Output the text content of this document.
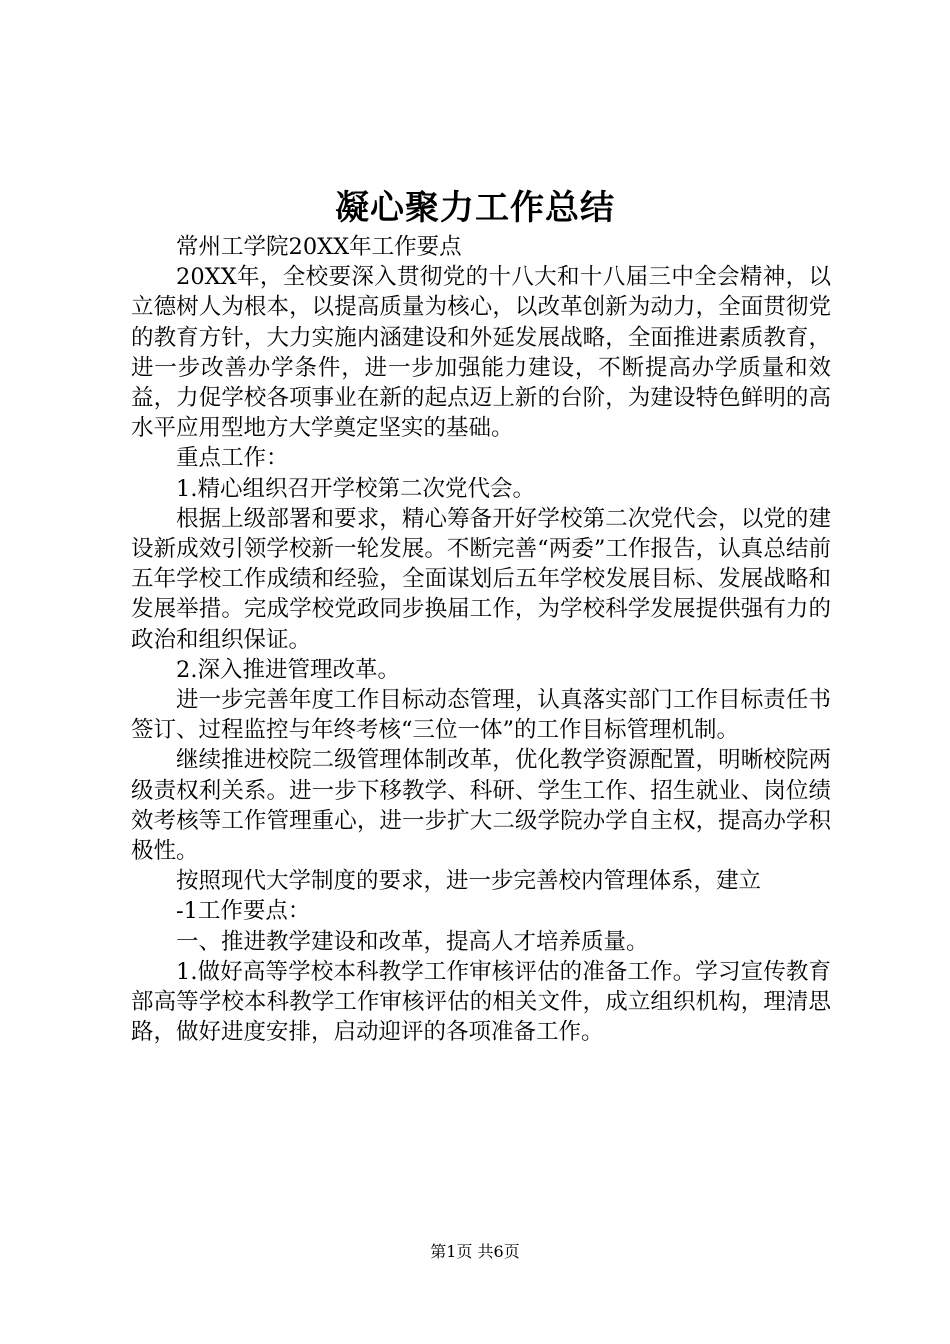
凝心聚力工作总结

常州工学院20XX年工作要点

20XX年，全校要深入贯彻党的十八大和十八届三中全会精神，以立德树人为根本，以提高质量为核心，以改革创新为动力，全面贯彻党的教育方针，大力实施内涵建设和外延发展战略，全面推进素质教育，进一步改善办学条件，进一步加强能力建设，不断提高办学质量和效益，力促学校各项事业在新的起点迈上新的台阶，为建设特色鲜明的高水平应用型地方大学奠定坚实的基础。

重点工作：

1.精心组织召开学校第二次党代会。

根据上级部署和要求，精心筹备开好学校第二次党代会，以党的建设新成效引领学校新一轮发展。不断完善“两委”工作报告，认真总结前五年学校工作成绩和经验，全面谋划后五年学校发展目标、发展战略和发展举措。完成学校党政同步换届工作，为学校科学发展提供强有力的政治和组织保证。

2.深入推进管理改革。

进一步完善年度工作目标动态管理，认真落实部门工作目标责任书签订、过程监控与年终考核“三位一体”的工作目标管理机制。

继续推进校院二级管理体制改革，优化教学资源配置，明晰校院两级责权利关系。进一步下移教学、科研、学生工作、招生就业、岗位绩效考核等工作管理重心，进一步扩大二级学院办学自主权，提高办学积极性。

按照现代大学制度的要求，进一步完善校内管理体系，建立

-1工作要点：

一、推进教学建设和改革，提高人才培养质量。

1.做好高等学校本科教学工作审核评估的准备工作。学习宣传教育部高等学校本科教学工作审核评估的相关文件，成立组织机构，理清思路，做好进度安排，启动迎评的各项准备工作。

第1页 共6页
